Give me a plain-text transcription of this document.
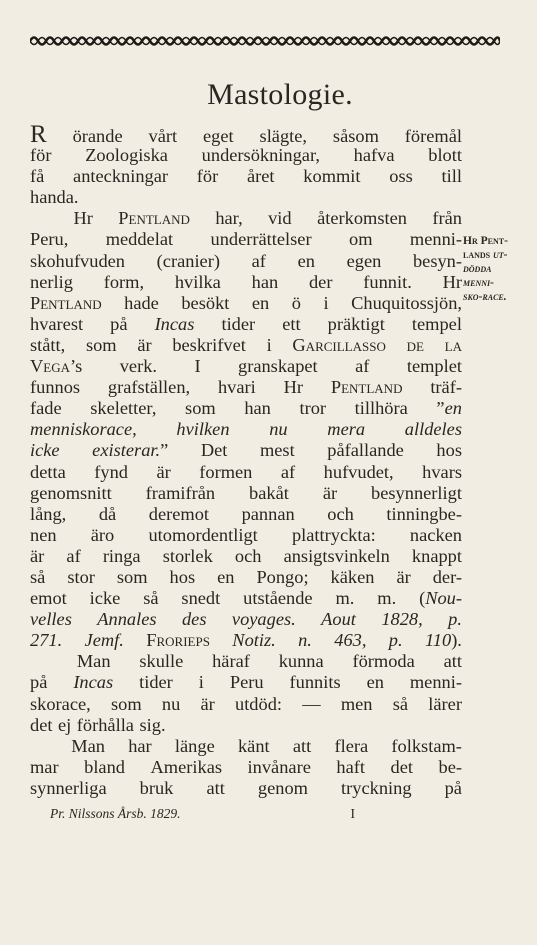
Mastologie.
R örande vårt eget slägte, såsom föremål
för Zoologiska undersökningar, hafva blott
få anteckningar för året kommit oss till
handa.
Hr Pentland har, vid återkomsten från
Peru, meddelat underrättelser om menni-
skohufvuden (cranier) af en egen besyn-
nerlig form, hvilka han der funnit. Hr
Pentland hade besökt en ö i Chuquitossjön,
hvarest på Incas tider ett präktigt tempel
stått, som är beskrifvet i Garcillasso de la
Vega’s verk. I granskapet af templet
funnos grafställen, hvari Hr Pentland träf-
fade skeletter, som han tror tillhöra ”en
menniskorace, hvilken nu mera alldeles
icke existerar.” Det mest påfallande hos
detta fynd är formen af hufvudet, hvars
genomsnitt framifrån bakåt är besynnerligt
lång, då deremot pannan och tinningbe-
nen äro utomordentligt plattryckta: nacken
är af ringa storlek och ansigtsvinkeln knappt
så stor som hos en Pongo; käken är der-
emot icke så snedt utstående m. m. (Nou-
velles Annales des voyages. Aout 1828, p.
271. Jemf. Frorieps Notiz. n. 463, p. 110).
Man skulle häraf kunna förmoda att
på Incas tider i Peru funnits en menni-
skorace, som nu är utdöd: — men så lärer
det ej förhålla sig.
Man har länge känt att flera folkstam-
mar bland Amerikas invånare haft det be-
synnerliga bruk att genom tryckning på
Hr Pent-
lands ut-
dödda
menni-
sko-race.
Pr. Nilssons Årsb. 1829.	I
